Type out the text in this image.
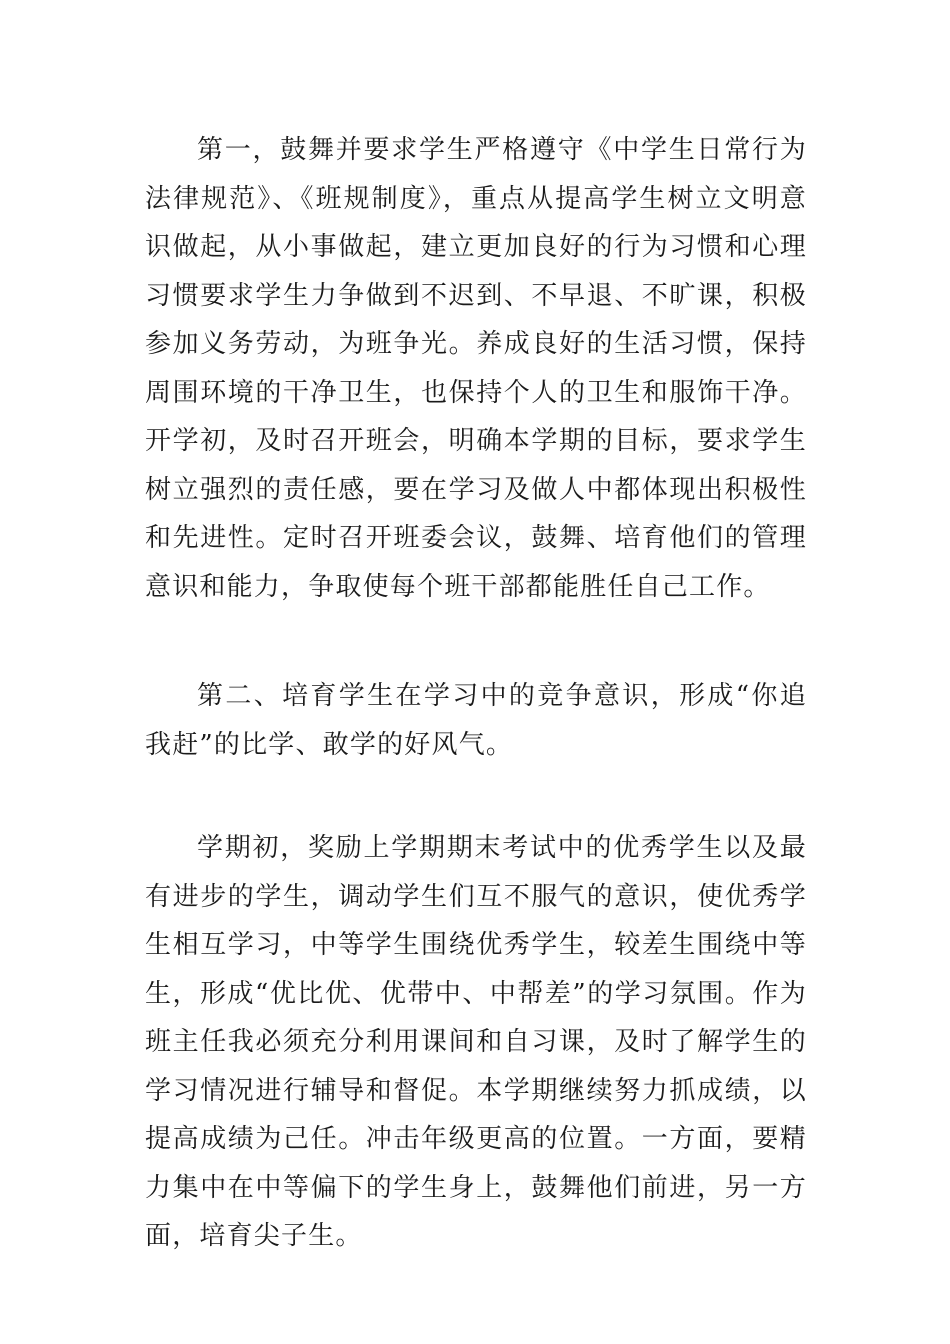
第一，鼓舞并要求学生严格遵守《中学生日常行为法律规范》、《班规制度》，重点从提高学生树立文明意识做起，从小事做起，建立更加良好的行为习惯和心理习惯要求学生力争做到不迟到、不早退、不旷课，积极参加义务劳动，为班争光。养成良好的生活习惯，保持周围环境的干净卫生，也保持个人的卫生和服饰干净。开学初，及时召开班会，明确本学期的目标，要求学生树立强烈的责任感，要在学习及做人中都体现出积极性和先进性。定时召开班委会议，鼓舞、培育他们的管理意识和能力，争取使每个班干部都能胜任自己工作。

第二、培育学生在学习中的竞争意识，形成“你追我赶”的比学、敢学的好风气。

学期初，奖励上学期期末考试中的优秀学生以及最有进步的学生，调动学生们互不服气的意识，使优秀学生相互学习，中等学生围绕优秀学生，较差生围绕中等生，形成“优比优、优带中、中帮差”的学习氛围。作为班主任我必须充分利用课间和自习课，及时了解学生的学习情况进行辅导和督促。本学期继续努力抓成绩，以提高成绩为己任。冲击年级更高的位置。一方面，要精力集中在中等偏下的学生身上，鼓舞他们前进，另一方面，培育尖子生。
